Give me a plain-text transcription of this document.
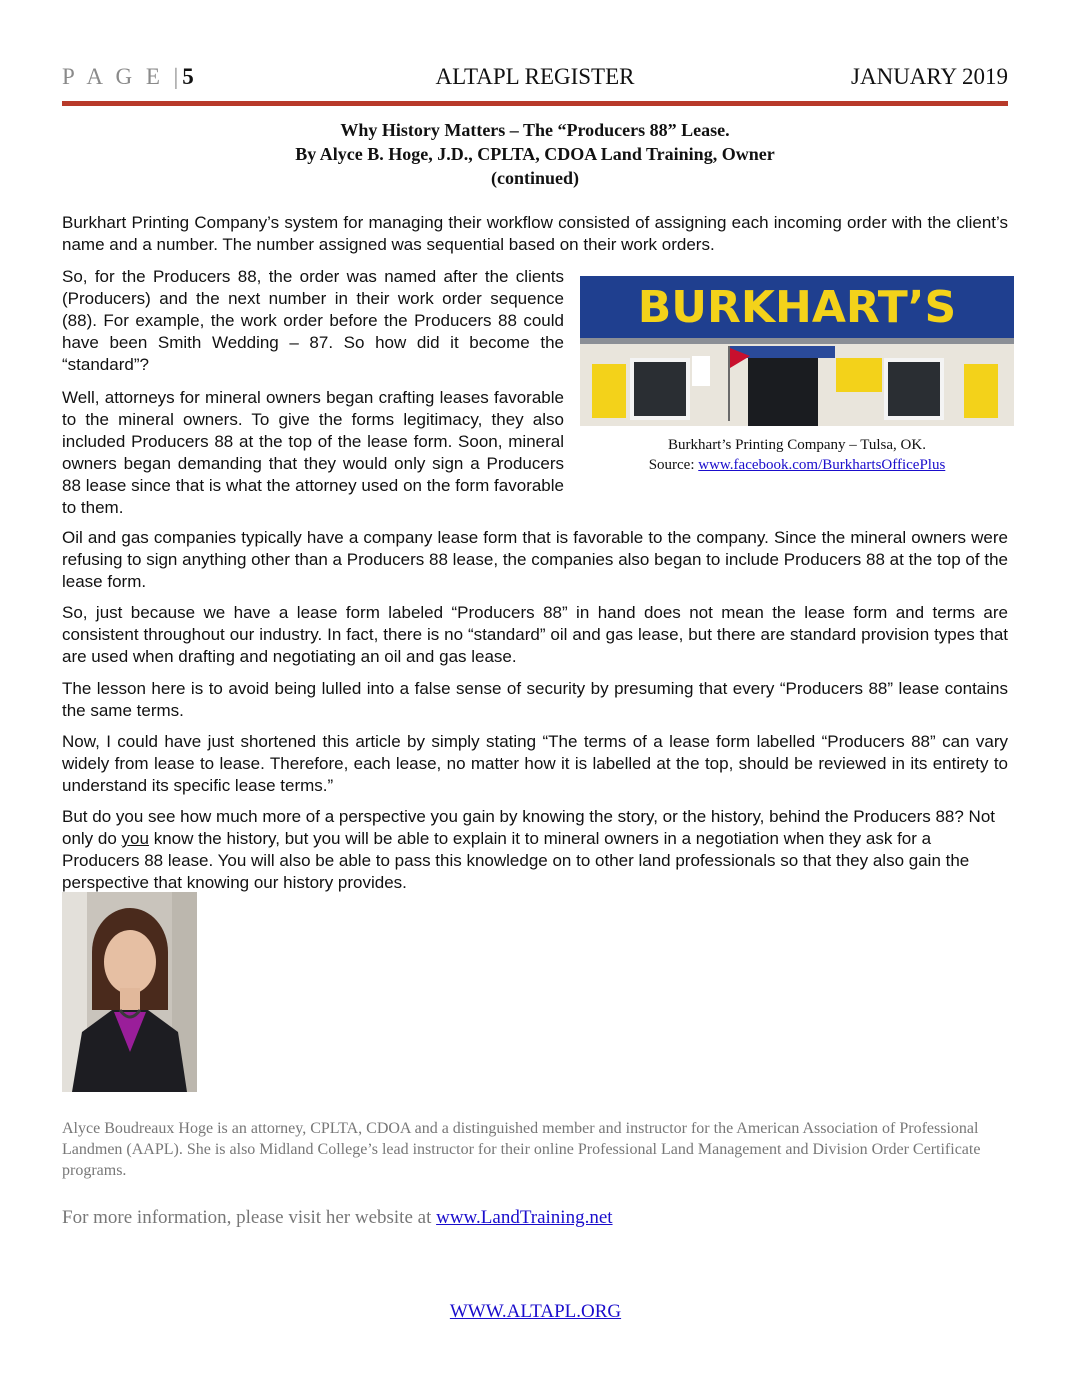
P A G E |5	ALTAPL REGISTER	JANUARY 2019
Why History Matters – The “Producers 88” Lease.
By Alyce B. Hoge, J.D., CPLTA, CDOA Land Training, Owner
(continued)

Burkhart Printing Company’s system for managing their workflow consisted of assigning each incoming order with the client’s name and a number. The number assigned was sequential based on their work orders.

So, for the Producers 88, the order was named after the clients (Producers) and the next number in their work order sequence (88). For example, the work order before the Producers 88 could have been Smith Wedding – 87. So how did it become the “standard”?

Well, attorneys for mineral owners began crafting leases favorable to the mineral owners. To give the forms legitimacy, they also included Producers 88 at the top of the lease form. Soon, mineral owners began demanding that they would only sign a Producers 88 lease since that is what the attorney used on the form favorable to them.

BURKHART’S
Burkhart’s Printing Company – Tulsa, OK.
Source: www.facebook.com/BurkhartsOfficePlus

Oil and gas companies typically have a company lease form that is favorable to the company. Since the mineral owners were refusing to sign anything other than a Producers 88 lease, the companies also began to include Producers 88 at the top of the lease form.

So, just because we have a lease form labeled “Producers 88” in hand does not mean the lease form and terms are consistent throughout our industry. In fact, there is no “standard” oil and gas lease, but there are standard provision types that are used when drafting and negotiating an oil and gas lease.

The lesson here is to avoid being lulled into a false sense of security by presuming that every “Producers 88” lease contains the same terms.

Now, I could have just shortened this article by simply stating “The terms of a lease form labelled “Producers 88” can vary widely from lease to lease. Therefore, each lease, no matter how it is labelled at the top, should be reviewed in its entirety to understand its specific lease terms.”

But do you see how much more of a perspective you gain by knowing the story, or the history, behind the Producers 88? Not only do you know the history, but you will be able to explain it to mineral owners in a negotiation when they ask for a Producers 88 lease. You will also be able to pass this knowledge on to other land professionals so that they also gain the perspective that knowing our history provides.

Alyce Boudreaux Hoge is an attorney, CPLTA, CDOA and a distinguished member and instructor for the American Association of Professional Landmen (AAPL). She is also Midland College’s lead instructor for their online Professional Land Management and Division Order Certificate programs.

For more information, please visit her website at www.LandTraining.net
WWW.ALTAPL.ORG
